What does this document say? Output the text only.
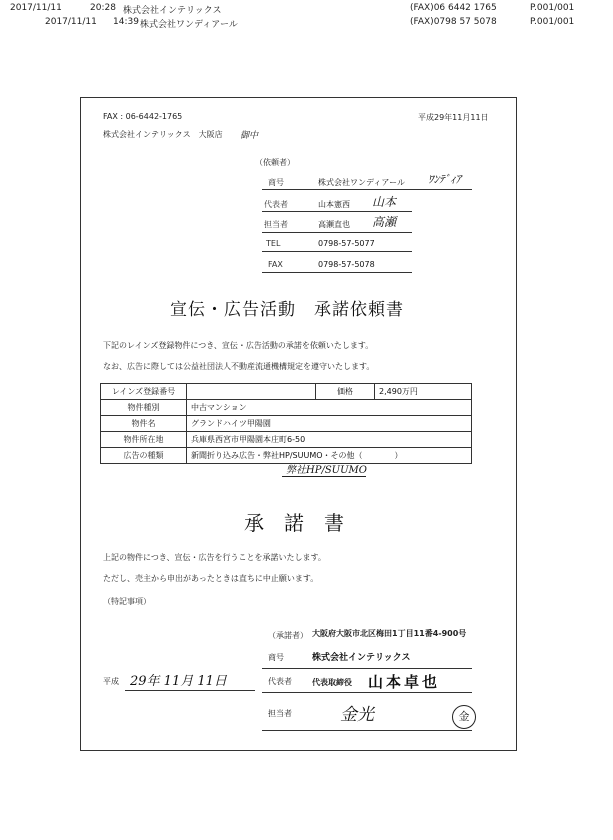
2017/11/11	20:28 株式会社インテリックス	(FAX)06 6442 1765	P.001/001
2017/11/11 14:39 株式会社ワンディアール	(FAX)0798 57 5078	P.001/001
FAX : 06-6442-1765	平成29年11月11日
株式会社インテリックス　大阪店 御中
（依頼者）
商号	株式会社ワンディアール ﾜﾝﾃﾞｨｱ
代表者	山本憲西 山本
担当者	高瀬直也 高瀬
TEL	0798-57-5077
FAX	0798-57-5078
宣伝・広告活動　承諾依頼書
下記のレインズ登録物件につき、宣伝・広告活動の承諾を依頼いたします。
なお、広告に際しては公益社団法人不動産流通機構規定を遵守いたします。
レインズ登録番号		価格	2,490万円
物件種別	中古マンション		
物件名	グランドハイツ甲陽園		
物件所在地	兵庫県西宮市甲陽園本庄町6-50		
広告の種類	新聞折り込み広告・弊社HP/SUUMO・その他（　　　　）		
弊社HP/SUUMO
承　諾　書
上記の物件につき、宣伝・広告を行うことを承諾いたします。
ただし、売主から申出があったときは直ちに中止願います。
（特記事項）
平成 29年 11月 11日
（承諾者） 大阪府大阪市北区梅田1丁目11番4-900号
商号	株式会社インテリックス
代表者	代表取締役 山本卓也
担当者	金光	金
